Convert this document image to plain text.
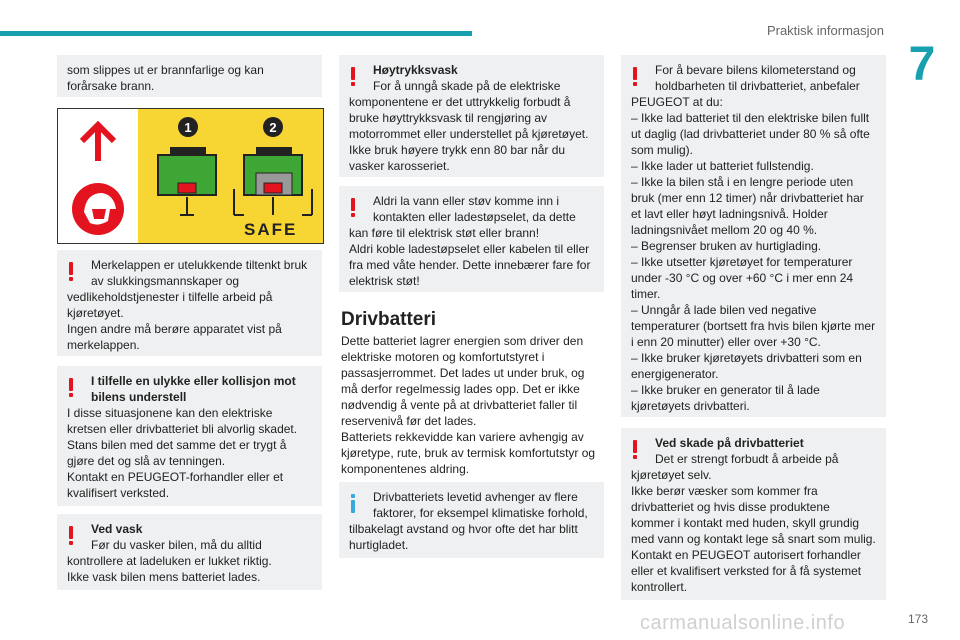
Praktisk informasjon
7
som slippes ut er brannfarlige og kan forårsake brann.
1	2
SAFE
Merkelappen er utelukkende tiltenkt bruk av slukkingsmannskaper og
vedlikeholdstjenester i tilfelle arbeid på kjøretøyet.
Ingen andre må berøre apparatet vist på merkelappen.
I tilfelle en ulykke eller kollisjon mot bilens understell
I disse situasjonene kan den elektriske kretsen eller drivbatteriet bli alvorlig skadet.
Stans bilen med det samme det er trygt å gjøre det og slå av tenningen.
Kontakt en PEUGEOT-forhandler eller et kvalifisert verksted.
Ved vask
Før du vasker bilen, må du alltid
kontrollere at ladeluken er lukket riktig.
Ikke vask bilen mens batteriet lades.
Høytrykksvask
For å unngå skade på de elektriske
komponentene er det uttrykkelig forbudt å bruke høyttrykksvask til rengjøring av motorrommet eller understellet på kjøretøyet.
Ikke bruk høyere trykk enn 80 bar når du vasker karosseriet.
Aldri la vann eller støv komme inn i kontakten eller ladestøpselet, da dette
kan føre til elektrisk støt eller brann!
Aldri koble ladestøpselet eller kabelen til eller fra med våte hender. Dette innebærer fare for elektrisk støt!
Drivbatteri
Dette batteriet lagrer energien som driver den elektriske motoren og komfortutstyret i passasjerrommet. Det lades ut under bruk, og må derfor regelmessig lades opp. Det er ikke nødvendig å vente på at drivbatteriet faller til reservenivå før det lades.
Batteriets rekkevidde kan variere avhengig av kjøretype, rute, bruk av termisk komfortutstyr og komponentenes aldring.
Drivbatteriets levetid avhenger av flere faktorer, for eksempel klimatiske forhold,
tilbakelagt avstand og hvor ofte det har blitt hurtigladet.
For å bevare bilens kilometerstand og holdbarheten til drivbatteriet, anbefaler
PEUGEOT at du:
– Ikke lad batteriet til den elektriske bilen fullt ut daglig (lad drivbatteriet under 80 % så ofte som mulig).
– Ikke lader ut batteriet fullstendig.
– Ikke la bilen stå i en lengre periode uten bruk (mer enn 12 timer) når drivbatteriet har et lavt eller høyt ladningsnivå. Holder ladningsnivået mellom 20 og 40 %.
– Begrenser bruken av hurtiglading.
– Ikke utsetter kjøretøyet for temperaturer under -30 °C og over +60 °C i mer enn 24 timer.
– Unngår å lade bilen ved negative temperaturer (bortsett fra hvis bilen kjørte mer i enn 20 minutter) eller over +30 °C.
– Ikke bruker kjøretøyets drivbatteri som en energigenerator.
– Ikke bruker en generator til å lade kjøretøyets drivbatteri.
Ved skade på drivbatteriet
Det er strengt forbudt å arbeide på
kjøretøyet selv.
Ikke berør væsker som kommer fra drivbatteriet og hvis disse produktene kommer i kontakt med huden, skyll grundig med vann og kontakt lege så snart som mulig.
Kontakt en PEUGEOT autorisert forhandler eller et kvalifisert verksted for å få systemet kontrollert.
carmanualsonline.info	173
